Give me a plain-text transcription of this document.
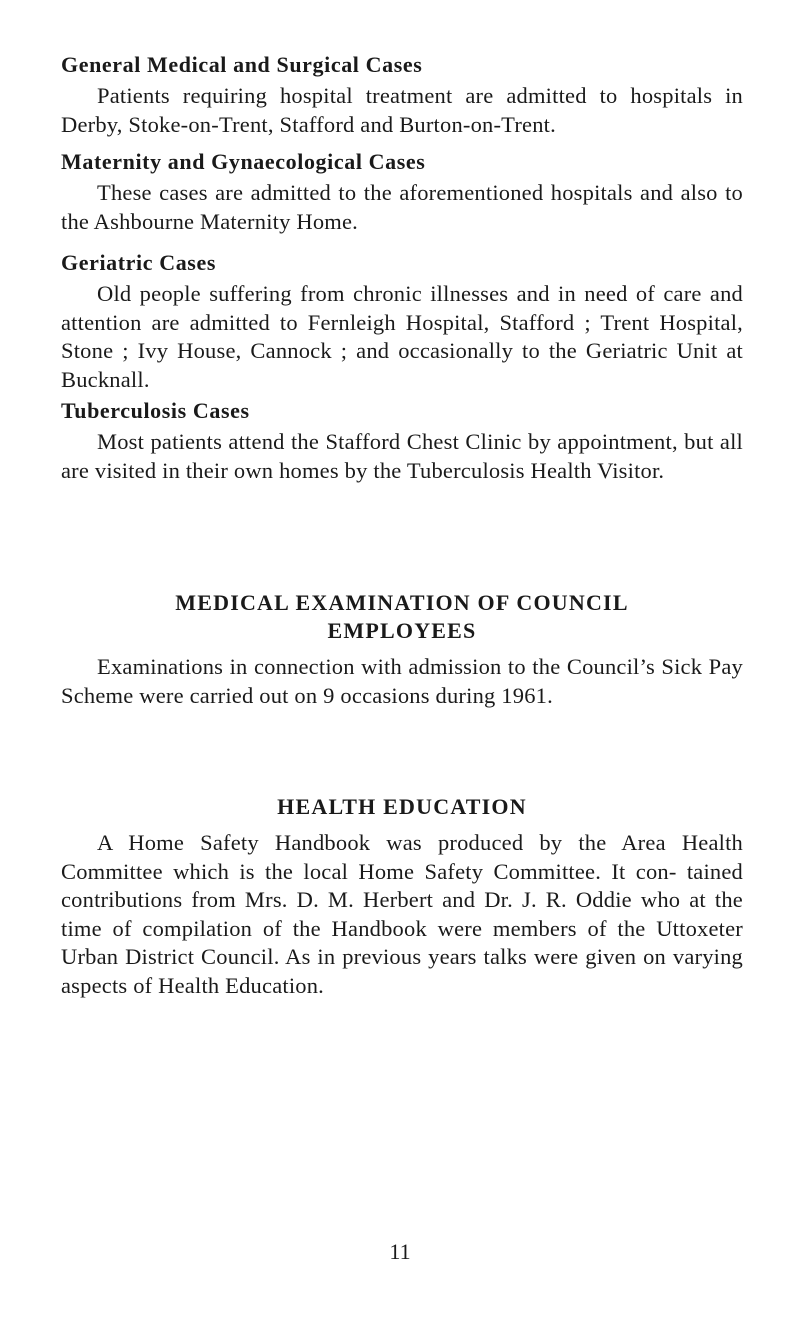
General Medical and Surgical Cases

Patients requiring hospital treatment are admitted to hospitals in Derby, Stoke-on-Trent, Stafford and Burton-on-Trent.

Maternity and Gynaecological Cases

These cases are admitted to the aforementioned hospitals and also to the Ashbourne Maternity Home.

Geriatric Cases

Old people suffering from chronic illnesses and in need of care and attention are admitted to Fernleigh Hospital, Stafford ; Trent Hospital, Stone ; Ivy House, Cannock ; and occasionally to the Geriatric Unit at Bucknall.

Tuberculosis Cases

Most patients attend the Stafford Chest Clinic by appointment, but all are visited in their own homes by the Tuberculosis Health Visitor.

MEDICAL EXAMINATION OF COUNCIL
EMPLOYEES

Examinations in connection with admission to the Council’s Sick Pay Scheme were carried out on 9 occasions during 1961.

HEALTH EDUCATION

A Home Safety Handbook was produced by the Area Health Committee which is the local Home Safety Committee. It con- tained contributions from Mrs. D. M. Herbert and Dr. J. R. Oddie who at the time of compilation of the Handbook were members of the Uttoxeter Urban District Council. As in previous years talks were given on varying aspects of Health Education.

11
